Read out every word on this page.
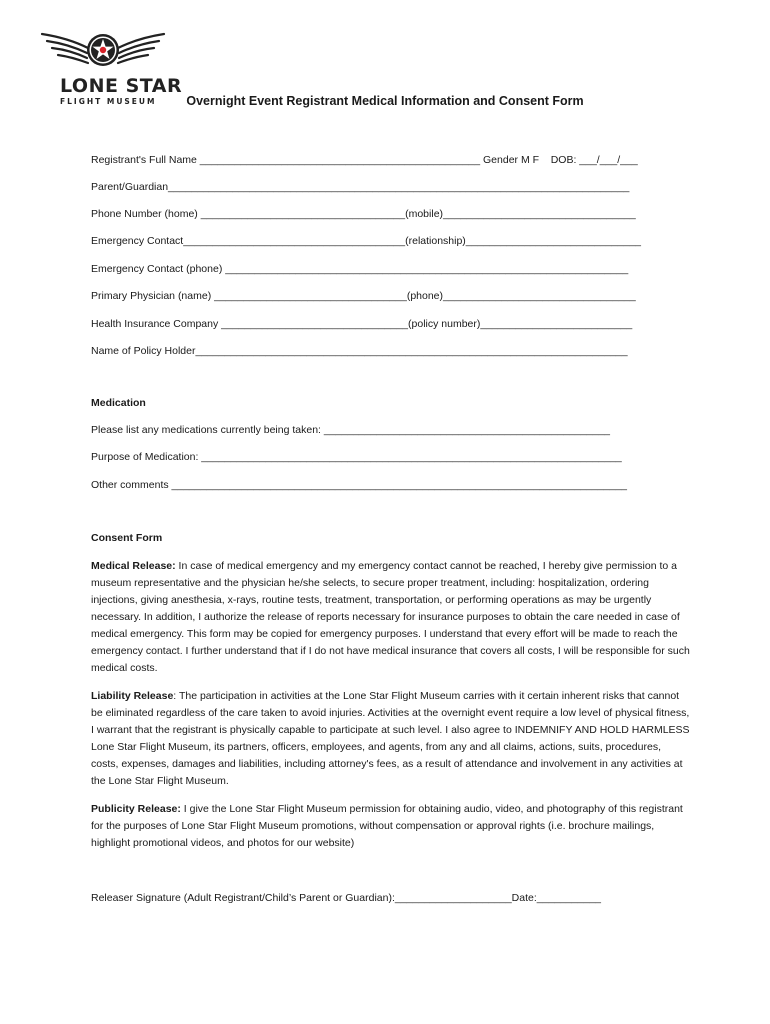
LONE STAR
FLIGHT MUSEUM	Overnight Event Registrant Medical Information and Consent Form
Registrant's Full Name ________________________________________________ Gender M F    DOB: ___/___/___
Parent/Guardian_______________________________________________________________________________
Phone Number (home) ___________________________________(mobile)_________________________________
Emergency Contact______________________________________(relationship)______________________________
Emergency Contact (phone) _____________________________________________________________________
Primary Physician (name) _________________________________(phone)_________________________________
Health Insurance Company ________________________________(policy number)__________________________
Name of Policy Holder__________________________________________________________________________
Medication
Please list any medications currently being taken: _________________________________________________
Purpose of Medication: ________________________________________________________________________
Other comments ______________________________________________________________________________
Consent Form
Medical Release: In case of medical emergency and my emergency contact cannot be reached, I hereby give permission to a museum representative and the physician he/she selects, to secure proper treatment, including: hospitalization, ordering injections, giving anesthesia, x-rays, routine tests, treatment, transportation, or performing operations as may be urgently necessary. In addition, I authorize the release of reports necessary for insurance purposes to obtain the care needed in case of medical emergency. This form may be copied for emergency purposes. I understand that every effort will be made to reach the emergency contact. I further understand that if I do not have medical insurance that covers all costs, I will be responsible for such medical costs.
Liability Release: The participation in activities at the Lone Star Flight Museum carries with it certain inherent risks that cannot be eliminated regardless of the care taken to avoid injuries. Activities at the overnight event require a low level of physical fitness, I warrant that the registrant is physically capable to participate at such level. I also agree to INDEMNIFY AND HOLD HARMLESS Lone Star Flight Museum, its partners, officers, employees, and agents, from any and all claims, actions, suits, procedures, costs, expenses, damages and liabilities, including attorney's fees, as a result of attendance and involvement in any activities at the Lone Star Flight Museum.
Publicity Release: I give the Lone Star Flight Museum permission for obtaining audio, video, and photography of this registrant for the purposes of Lone Star Flight Museum promotions, without compensation or approval rights (i.e. brochure mailings, highlight promotional videos, and photos for our website)
Releaser Signature (Adult Registrant/Child’s Parent or Guardian):____________________Date:___________
